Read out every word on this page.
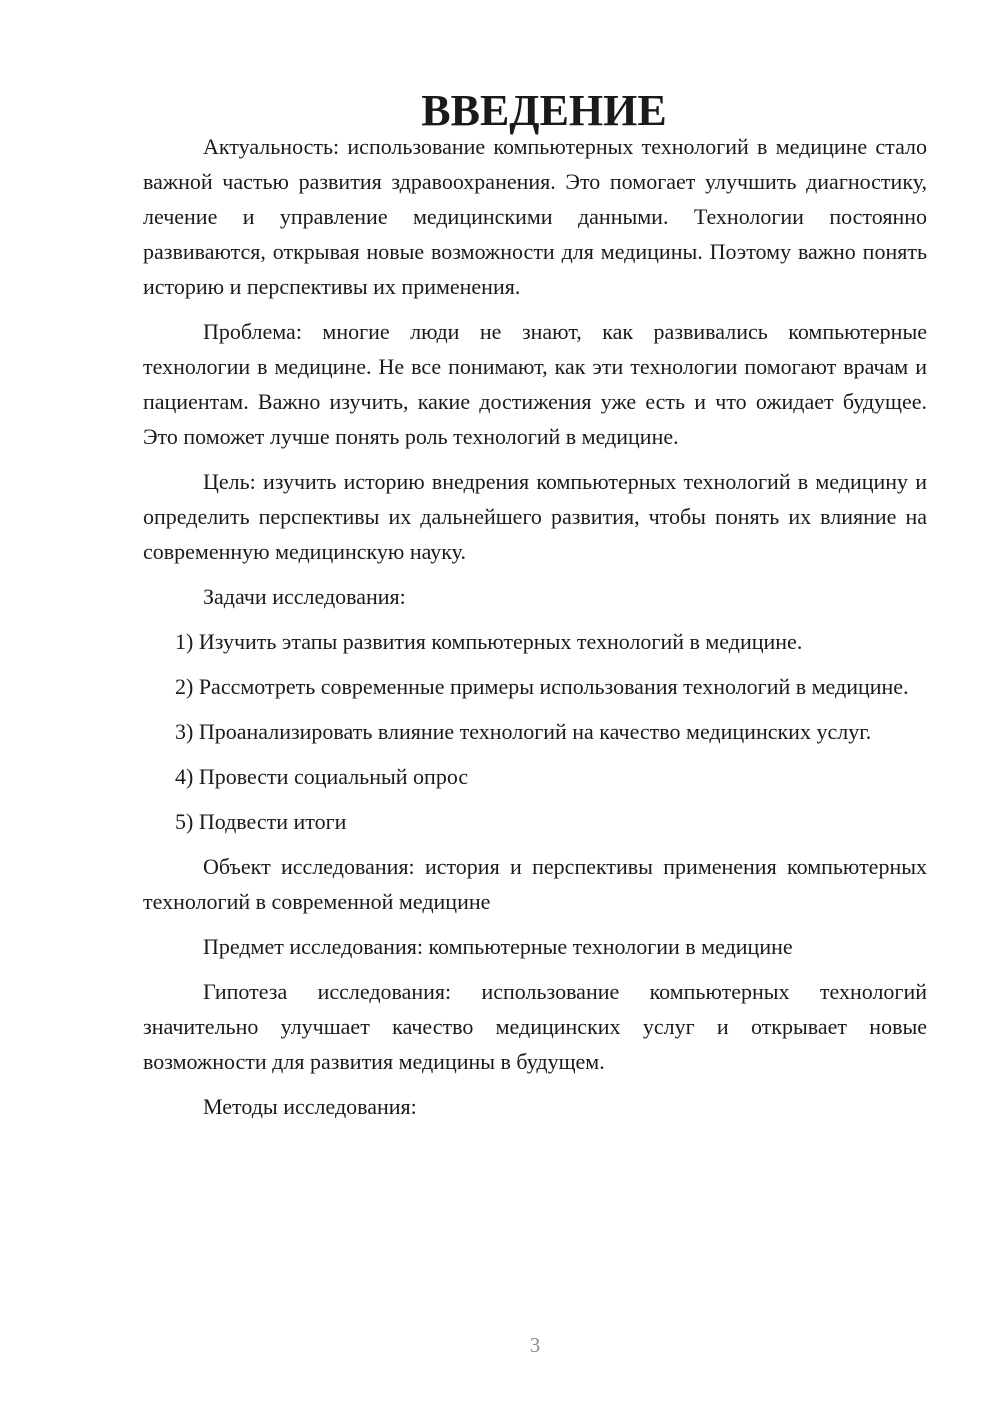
ВВЕДЕНИЕ

Актуальность: использование компьютерных технологий в медицине стало важной частью развития здравоохранения. Это помогает улучшить диагностику, лечение и управление медицинскими данными. Технологии постоянно развиваются, открывая новые возможности для медицины. Поэтому важно понять историю и перспективы их применения.

Проблема: многие люди не знают, как развивались компьютерные технологии в медицине. Не все понимают, как эти технологии помогают врачам и пациентам. Важно изучить, какие достижения уже есть и что ожидает будущее. Это поможет лучше понять роль технологий в медицине.

Цель: изучить историю внедрения компьютерных технологий в медицину и определить перспективы их дальнейшего развития, чтобы понять их влияние на современную медицинскую науку.

Задачи исследования:

1) Изучить этапы развития компьютерных технологий в медицине.

2) Рассмотреть современные примеры использования технологий в медицине.

3) Проанализировать влияние технологий на качество медицинских услуг.

4) Провести социальный опрос

5) Подвести итоги

Объект исследования: история и перспективы применения компьютерных технологий в современной медицине

Предмет исследования: компьютерные технологии в медицине

Гипотеза исследования: использование компьютерных технологий значительно улучшает качество медицинских услуг и открывает новые возможности для развития медицины в будущем.

Методы исследования:

3
